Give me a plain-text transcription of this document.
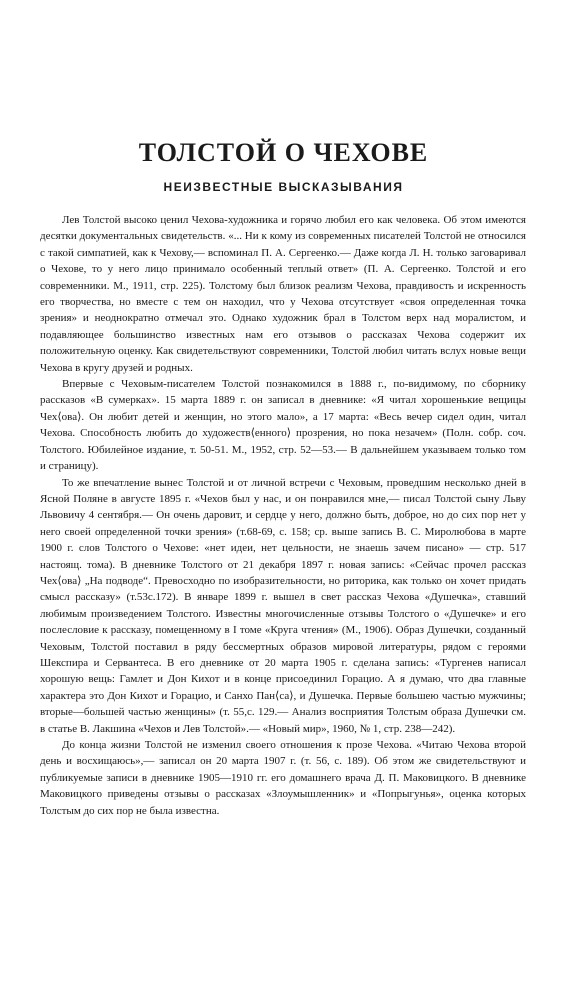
ТОЛСТОЙ О ЧЕХОВЕ
НЕИЗВЕСТНЫЕ ВЫСКАЗЫВАНИЯ

Лев Толстой высоко ценил Чехова-художника и горячо любил его как человека. Об этом имеются десятки документальных свидетельств. «... Ни к кому из современных писателей Толстой не относился с такой симпатией, как к Чехову,— вспоминал П. А. Сергеенко.— Даже когда Л. Н. только заговаривал о Чехове, то у него лицо принимало особенный теплый ответ» (П. А. Сергеенко. Толстой и его современники. М., 1911, стр. 225). Толстому был близок реализм Чехова, правдивость и искренность его творчества, но вместе с тем он находил, что у Чехова отсутствует «своя определенная точка зрения» и неоднократно отмечал это. Однако художник брал в Толстом верх над моралистом, и подавляющее большинство известных нам его отзывов о рассказах Чехова содержит их положительную оценку. Как свидетельствуют современники, Толстой любил читать вслух новые вещи Чехова в кругу друзей и родных.

Впервые с Чеховым-писателем Толстой познакомился в 1888 г., по-видимому, по сборнику рассказов «В сумерках». 15 марта 1889 г. он записал в дневнике: «Я читал хорошенькие вещицы Чех⟨ова⟩. Он любит детей и женщин, но этого мало», а 17 марта: «Весь вечер сидел один, читал Чехова. Способность любить до художеств⟨енного⟩ прозрения, но пока незачем» (Полн. собр. соч. Толстого. Юбилейное издание, т. 50-51. М., 1952, стр. 52—53.— В дальнейшем указываем только том и страницу).

То же впечатление вынес Толстой и от личной встречи с Чеховым, проведшим несколько дней в Ясной Поляне в августе 1895 г. «Чехов был у нас, и он понравился мне,— писал Толстой сыну Льву Львовичу 4 сентября.— Он очень даровит, и сердце у него, должно быть, доброе, но до сих пор нет у него своей определенной точки зрения» (т.68-69, с. 158; ср. выше запись В. С. Миролюбова в марте 1900 г. слов Толстого о Чехове: «нет идеи, нет цельности, не знаешь зачем писано» — стр. 517 настоящ. тома). В дневнике Толстого от 21 декабря 1897 г. новая запись: «Сейчас прочел рассказ Чех⟨ова⟩ „На подводе“. Превосходно по изобразительности, но риторика, как только он хочет придать смысл рассказу» (т.53с.172). В январе 1899 г. вышел в свет рассказ Чехова «Душечка», ставший любимым произведением Толстого. Известны многочисленные отзывы Толстого о «Душечке» и его послесловие к рассказу, помещенному в I томе «Круга чтения» (М., 1906). Образ Душечки, созданный Чеховым, Толстой поставил в ряду бессмертных образов мировой литературы, рядом с героями Шекспира и Сервантеса. В его дневнике от 20 марта 1905 г. сделана запись: «Тургенев написал хорошую вещь: Гамлет и Дон Кихот и в конце присоединил Горацио. А я думаю, что два главные характера это Дон Кихот и Горацио, и Санхо Пан⟨са⟩, и Душечка. Первые большею частью мужчины; вторые—большей частью женщины» (т. 55,с. 129.— Анализ восприятия Толстым образа Душечки см. в статье В. Лакшина «Чехов и Лев Толстой».— «Новый мир», 1960, № 1, стр. 238—242).

До конца жизни Толстой не изменил своего отношения к прозе Чехова. «Читаю Чехова второй день и восхищаюсь»,— записал он 20 марта 1907 г. (т. 56, с. 189). Об этом же свидетельствуют и публикуемые записи в дневнике 1905—1910 гг. его домашнего врача Д. П. Маковицкого. В дневнике Маковицкого приведены отзывы о рассказах «Злоумышленник» и «Попрыгунья», оценка которых Толстым до сих пор не была известна.
